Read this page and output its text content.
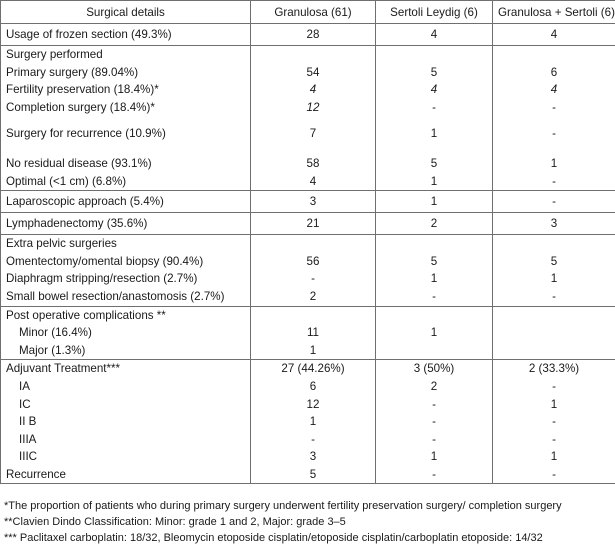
Surgical details	Granulosa (61)	Sertoli Leydig (6)	Granulosa + Sertoli (6)
Usage of frozen section (49.3%)	28	4	4
Surgery performed			
Primary surgery (89.04%)	54	5	6
Fertility preservation (18.4%)*	4	4	4
Completion surgery (18.4%)*	12	-	-

Surgery for recurrence (10.9%)	7	1	-

No residual disease (93.1%)	58	5	1
Optimal (<1 cm) (6.8%)	4	1	-
Laparoscopic approach (5.4%)	3	1	-
Lymphadenectomy (35.6%)	21	2	3
Extra pelvic surgeries			
Omentectomy/omental biopsy (90.4%)	56	5	5
Diaphragm stripping/resection (2.7%)	-	1	1
Small bowel resection/anastomosis (2.7%)	2	-	-
Post operative complications **			
Minor (16.4%)	11	1	
Major (1.3%)	1		
Adjuvant Treatment***	27 (44.26%)	3 (50%)	2 (33.3%)
IA	6	2	-
IC	12	-	1
II B	1	-	-
IIIA	-	-	-
IIIC	3	1	1
Recurrence	5	-	-
*The proportion of patients who during primary surgery underwent fertility preservation surgery/ completion surgery
**Clavien Dindo Classification: Minor: grade 1 and 2, Major: grade 3–5
*** Paclitaxel carboplatin: 18/32, Bleomycin etoposide cisplatin/etoposide cisplatin/carboplatin etoposide: 14/32
